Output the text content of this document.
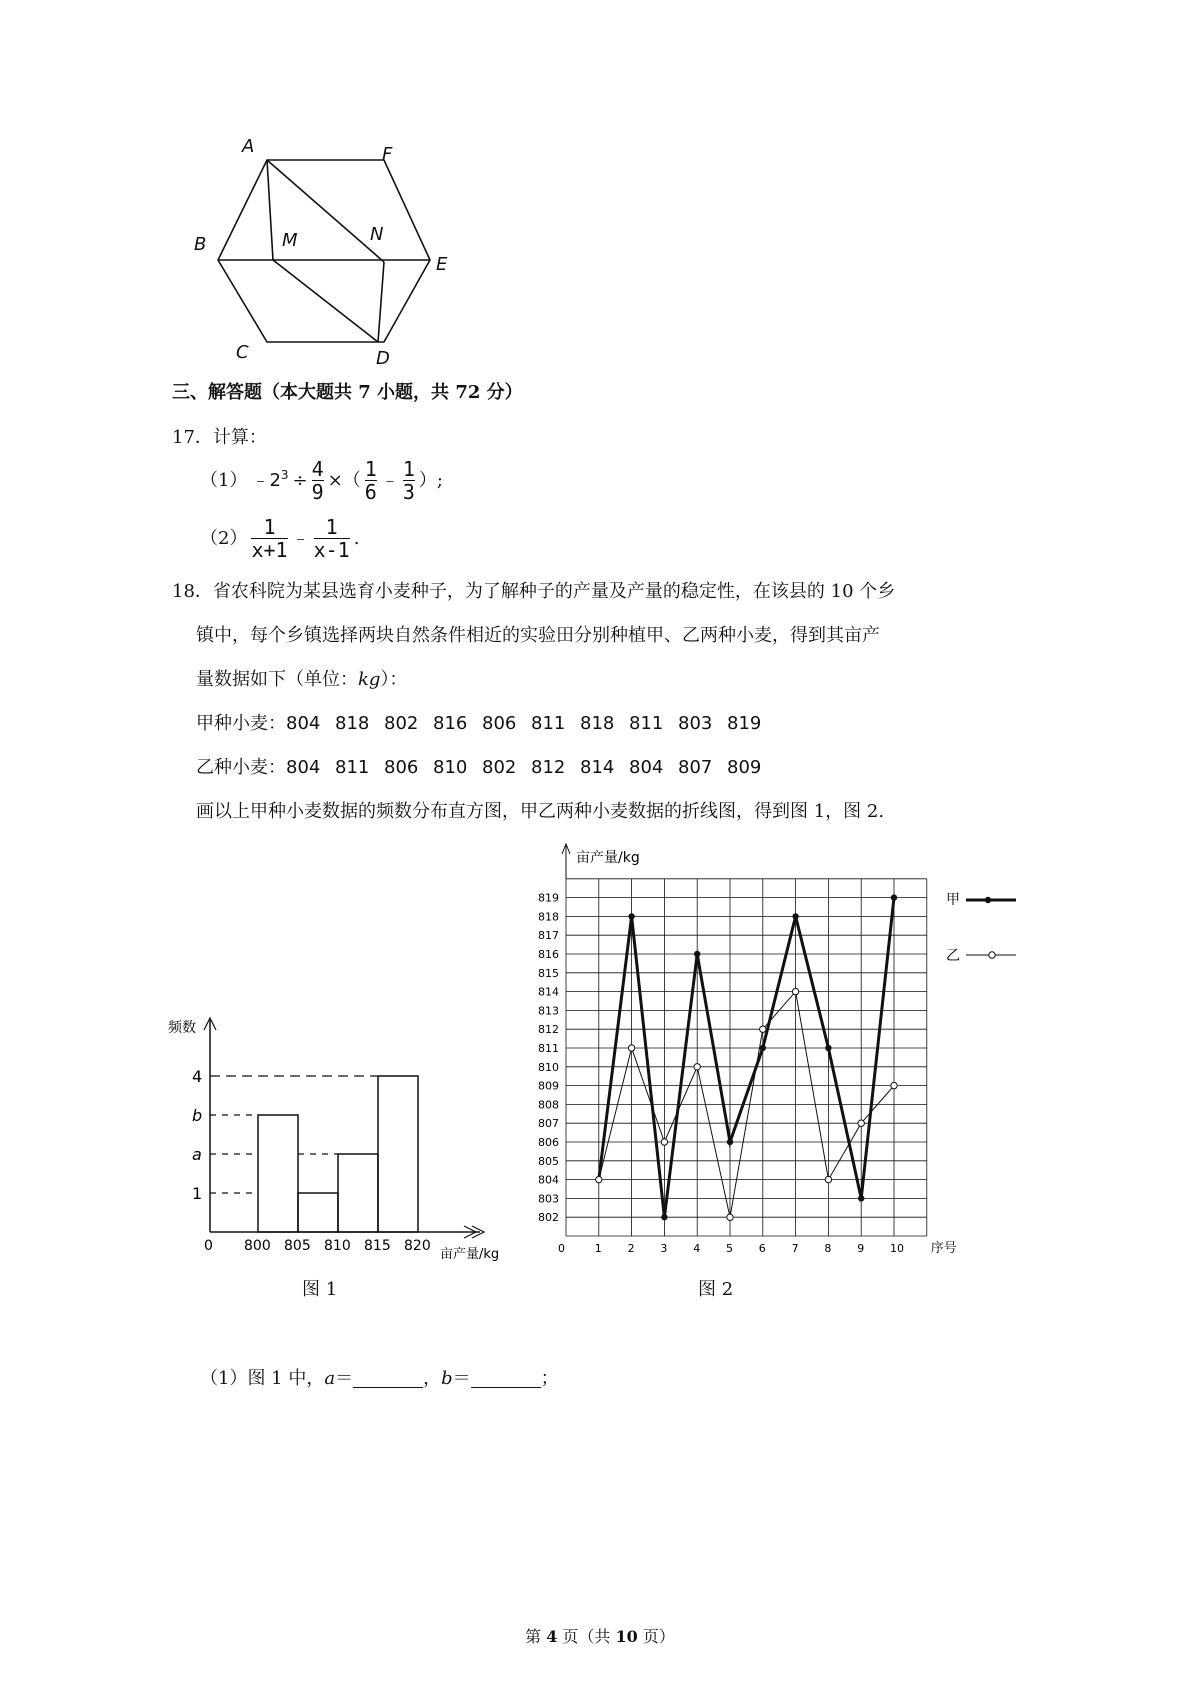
A	F
B	M	N
E
C	D
三、解答题（本大题共 7 小题，共 72 分）
17．计算：
（1） $﹣2^3 \div \frac{4}{9}$ ×（ $\frac{1}{6}$ ﹣ $\frac{1}{3}$ ）;
$(2) \frac{1}{x+1}$ ﹣ $\frac{1}{x-1}$ .
18．省农科院为某县选育小麦种子，为了解种子的产量及产量的稳定性，在该县的 10 个乡
镇中，每个乡镇选择两块自然条件相近的实验田分别种植甲、乙两种小麦，得到其亩产
量数据如下（单位：kg）：
甲种小麦： 804 818 802 816 806 811 818 811 803 819
乙种小麦： 804 811 806 810 802 812 814 804 807 809
画以上甲种小麦数据的频数分布直方图，甲乙两种小麦数据的折线图，得到图 1，图 2.
频数
亩产量/kg
1
a
b
4
0 800 805 810 815 820
图 1
亩产量/kg
802
803
804
805
806
807
808
809
810
811
812
813
814
815
816
817
818
819
0	1 2 3 4 5 6 7 8 9 10 序号
甲
乙
图 2
（1）图 1 中，a＝	，b＝	；
第 4 页（共 10 页）
